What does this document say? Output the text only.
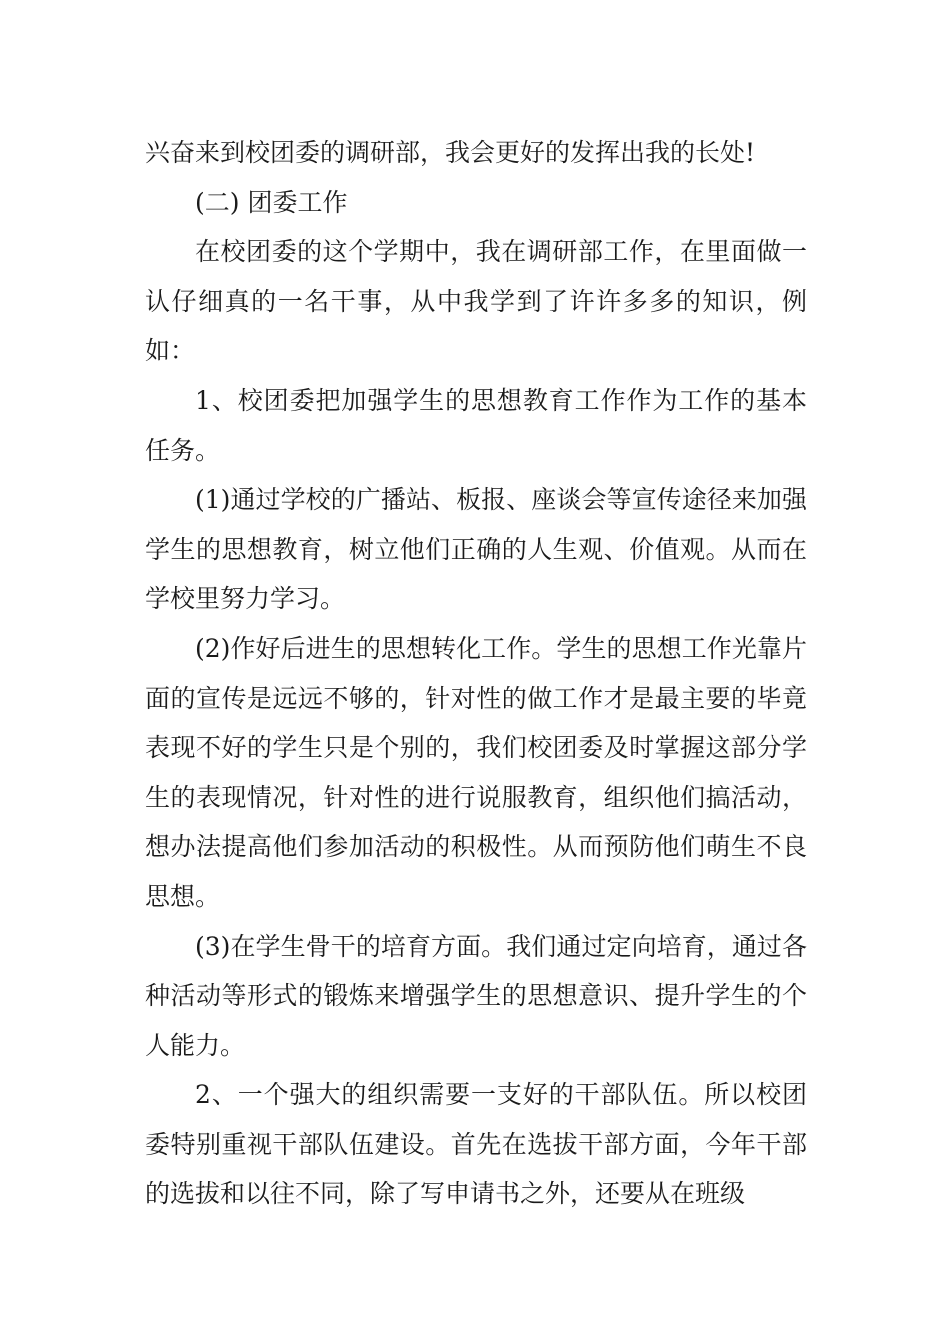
兴奋来到校团委的调研部，我会更好的发挥出我的长处!

(二) 团委工作

在校团委的这个学期中，我在调研部工作，在里面做一认仔细真的一名干事，从中我学到了许许多多的知识，例如：

1、校团委把加强学生的思想教育工作作为工作的基本任务。

(1)通过学校的广播站、板报、座谈会等宣传途径来加强学生的思想教育，树立他们正确的人生观、价值观。从而在学校里努力学习。

(2)作好后进生的思想转化工作。学生的思想工作光靠片面的宣传是远远不够的，针对性的做工作才是最主要的毕竟表现不好的学生只是个别的，我们校团委及时掌握这部分学生的表现情况，针对性的进行说服教育，组织他们搞活动，想办法提高他们参加活动的积极性。从而预防他们萌生不良思想。

(3)在学生骨干的培育方面。我们通过定向培育，通过各种活动等形式的锻炼来增强学生的思想意识、提升学生的个人能力。

2、一个强大的组织需要一支好的干部队伍。所以校团委特别重视干部队伍建设。首先在选拔干部方面，今年干部的选拔和以往不同，除了写申请书之外，还要从在班级
